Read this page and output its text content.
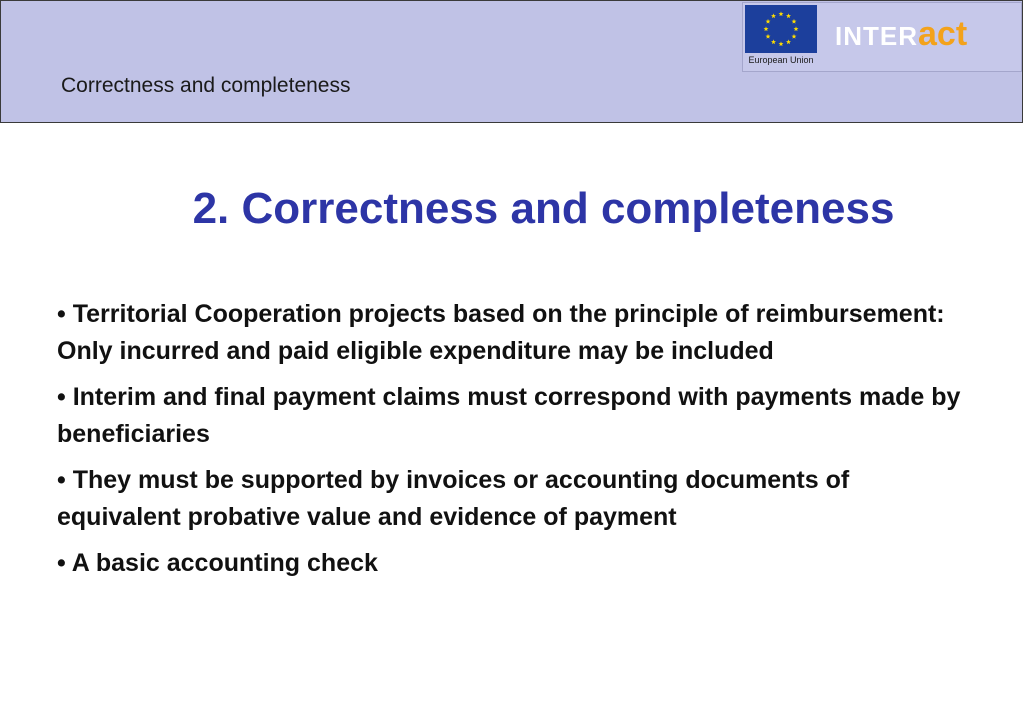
Correctness and completeness
European Union
INTERact
2. Correctness and completeness
• Territorial Cooperation projects based on the principle of reimbursement: Only incurred and paid eligible expenditure may be included
• Interim and final payment claims must correspond with payments made by beneficiaries
• They must be supported by invoices or accounting documents of equivalent probative value and evidence of payment
• A basic accounting check
